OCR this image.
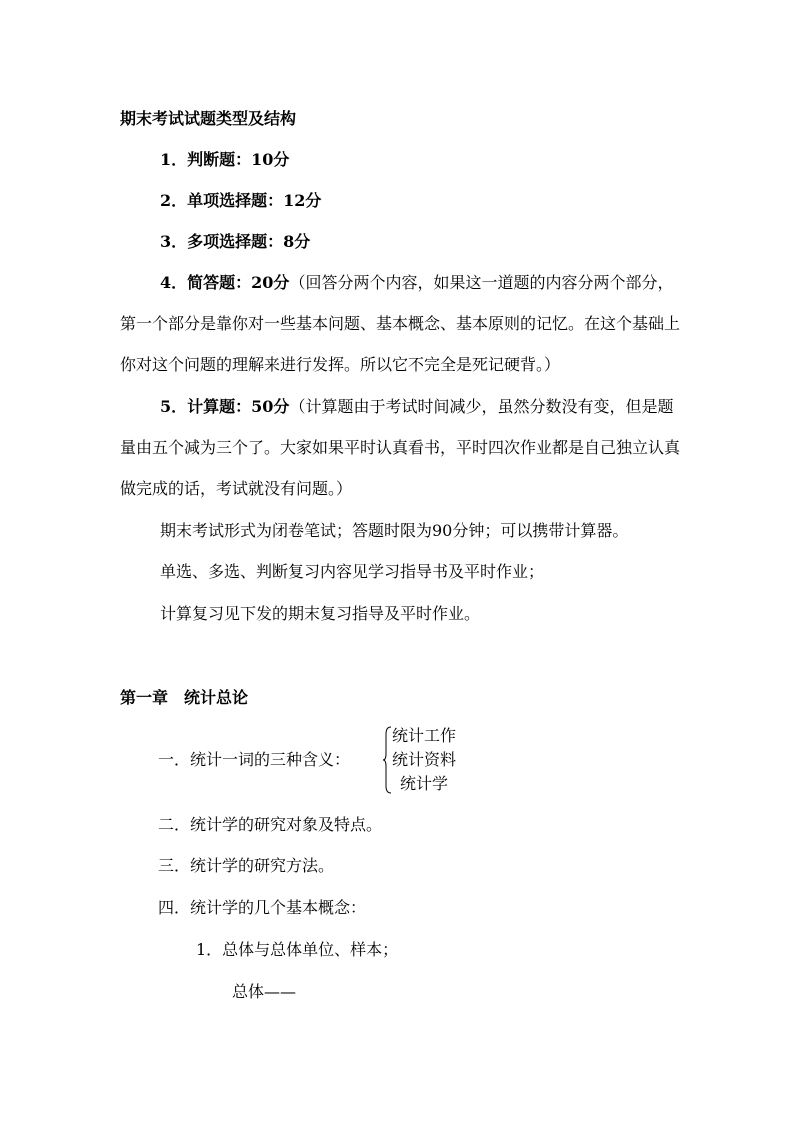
期末考试试题类型及结构
1．判断题：10分
2．单项选择题：12分
3．多项选择题：8分
4．简答题：20分（回答分两个内容，如果这一道题的内容分两个部分，
第一个部分是靠你对一些基本问题、基本概念、基本原则的记忆。在这个基础上
你对这个问题的理解来进行发挥。所以它不完全是死记硬背。）
5．计算题：50分（计算题由于考试时间减少，虽然分数没有变，但是题
量由五个减为三个了。大家如果平时认真看书，平时四次作业都是自己独立认真
做完成的话，考试就没有问题。）
期末考试形式为闭卷笔试；答题时限为90分钟；可以携带计算器。
单选、多选、判断复习内容见学习指导书及平时作业；
计算复习见下发的期末复习指导及平时作业。
第一章　统计总论
一．统计一词的三种含义：
统计工作
统计资料
统计学
二．统计学的研究对象及特点。
三．统计学的研究方法。
四．统计学的几个基本概念：
1．总体与总体单位、样本；
总体——
